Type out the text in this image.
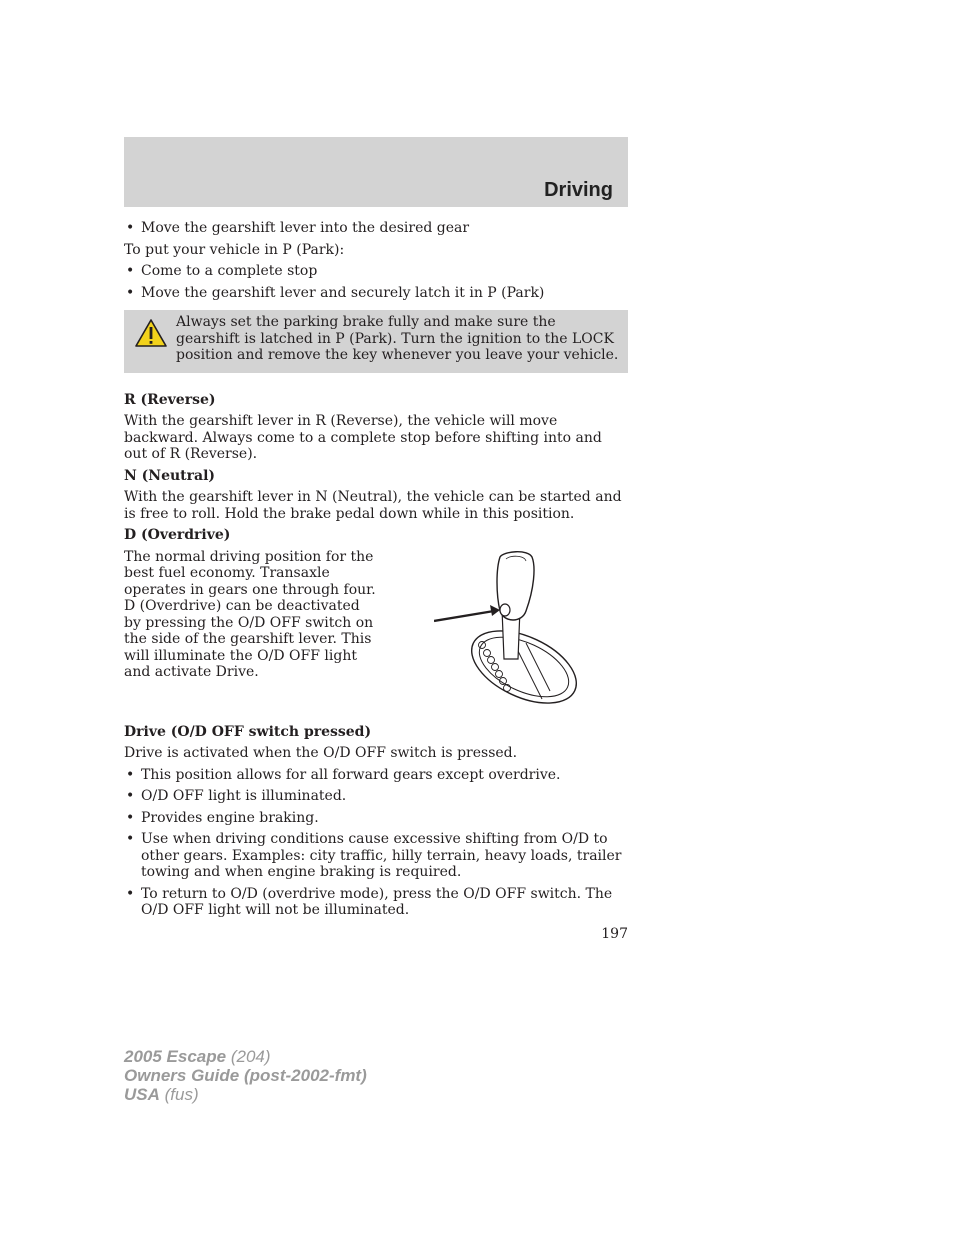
Driving
• Move the gearshift lever into the desired gear

To put your vehicle in P (Park):

• Come to a complete stop
• Move the gearshift lever and securely latch it in P (Park)
Always set the parking brake fully and make sure the gearshift is latched in P (Park). Turn the ignition to the LOCK position and remove the key whenever you leave your vehicle.
R (Reverse)

With the gearshift lever in R (Reverse), the vehicle will move backward. Always come to a complete stop before shifting into and out of R (Reverse).

N (Neutral)

With the gearshift lever in N (Neutral), the vehicle can be started and is free to roll. Hold the brake pedal down while in this position.

D (Overdrive)

The normal driving position for the best fuel economy. Transaxle operates in gears one through four. D (Overdrive) can be deactivated by pressing the O/D OFF switch on the side of the gearshift lever. This will illuminate the O/D OFF light and activate Drive.

Drive (O/D OFF switch pressed)

Drive is activated when the O/D OFF switch is pressed.

• This position allows for all forward gears except overdrive.
• O/D OFF light is illuminated.
• Provides engine braking.
• Use when driving conditions cause excessive shifting from O/D to other gears. Examples: city traffic, hilly terrain, heavy loads, trailer towing and when engine braking is required.
• To return to O/D (overdrive mode), press the O/D OFF switch. The O/D OFF light will not be illuminated.
197
2005 Escape (204)
Owners Guide (post-2002-fmt)
USA (fus)
